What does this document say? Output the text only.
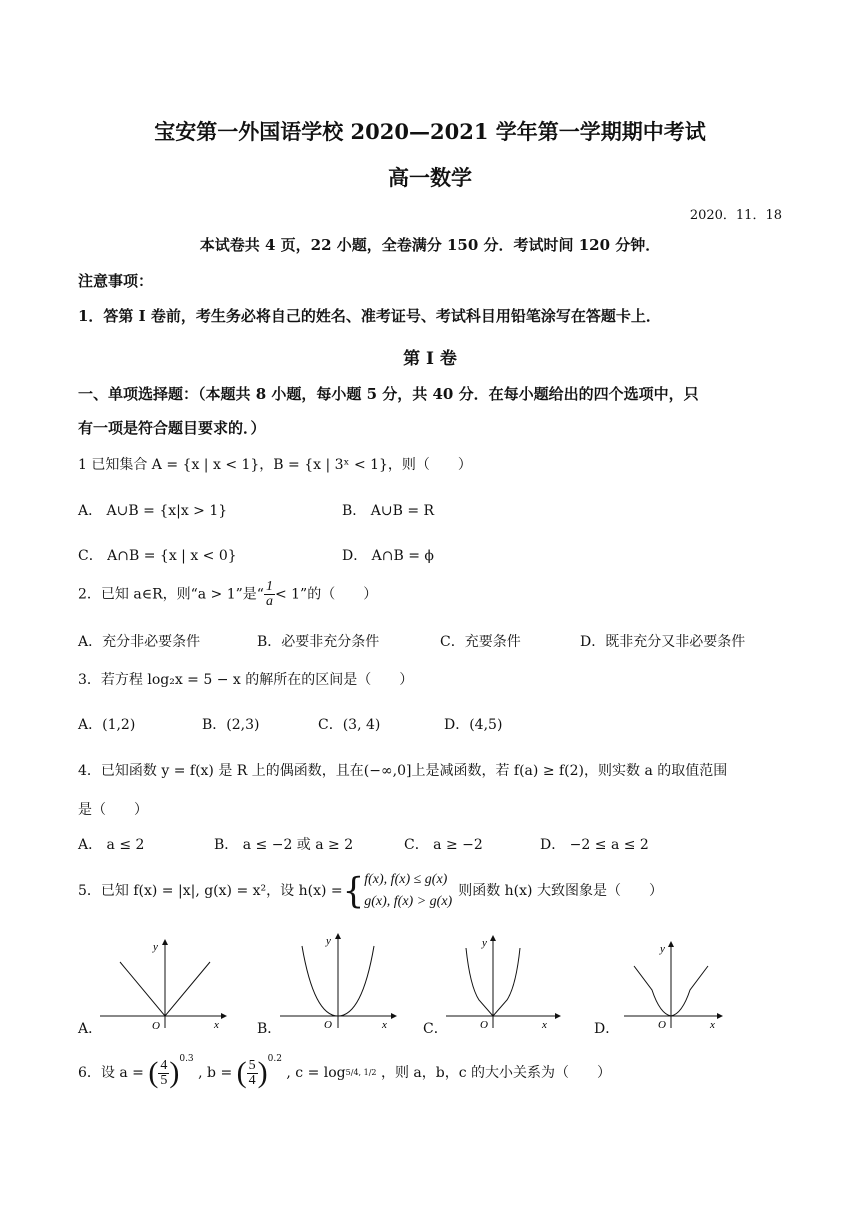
宝安第一外国语学校 2020—2021 学年第一学期期中考试
高一数学
2020．11．18
本试卷共 4 页，22 小题，全卷满分 150 分．考试时间 120 分钟．
注意事项：
1．答第 I 卷前，考生务必将自己的姓名、准考证号、考试科目用铅笔涂写在答题卡上．
第 I 卷
一、单项选择题：（本题共 8 小题，每小题 5 分，共 40 分．在每小题给出的四个选项中，只
有一项是符合题目要求的．）
1 已知集合 A = {x | x < 1}，B = {x | 3ˣ < 1}，则（　　）
A． A∪B = {x|x > 1}	B． A∪B = R
C． A∩B = {x | x < 0}	D． A∩B = ϕ
2．已知 a∈R，则“a > 1”是“ $\frac{1}{a} < 1$”的（　　）
A．充分非必要条件	B．必要非充分条件	C．充要条件	D．既非充分又非必要条件
3．若方程 log₂x = 5 − x 的解所在的区间是（　　）
A．(1,2)	B．(2,3)	C．(3, 4)	D．(4,5)
4．已知函数 y = f(x) 是 R 上的偶函数，且在(−∞,0]上是减函数，若 f(a) ≥ f(2)，则实数 a 的取值范围
是（　　）
A． a ≤ 2	B． a ≤ −2 或 a ≥ 2	C． a ≥ −2	D． −2 ≤ a ≤ 2
5．已知 f(x) = |x|, g(x) = x²，设 h(x) ={ f(x), f(x) ≤ g(x)
g(x), f(x) > g(x)
则函数 h(x) 大致图象是（　　）
A．	B．	C．	D．
y
x
O
y
x
O
y
x
O
y
x
O
6．设 a = ( $\frac{4}{5} )^{0.3}$ , b = ( $\frac{5}{4} )^{0.2}$ , c = log5/4, 1/2 ，则 a，b，c 的大小关系为（　　）
